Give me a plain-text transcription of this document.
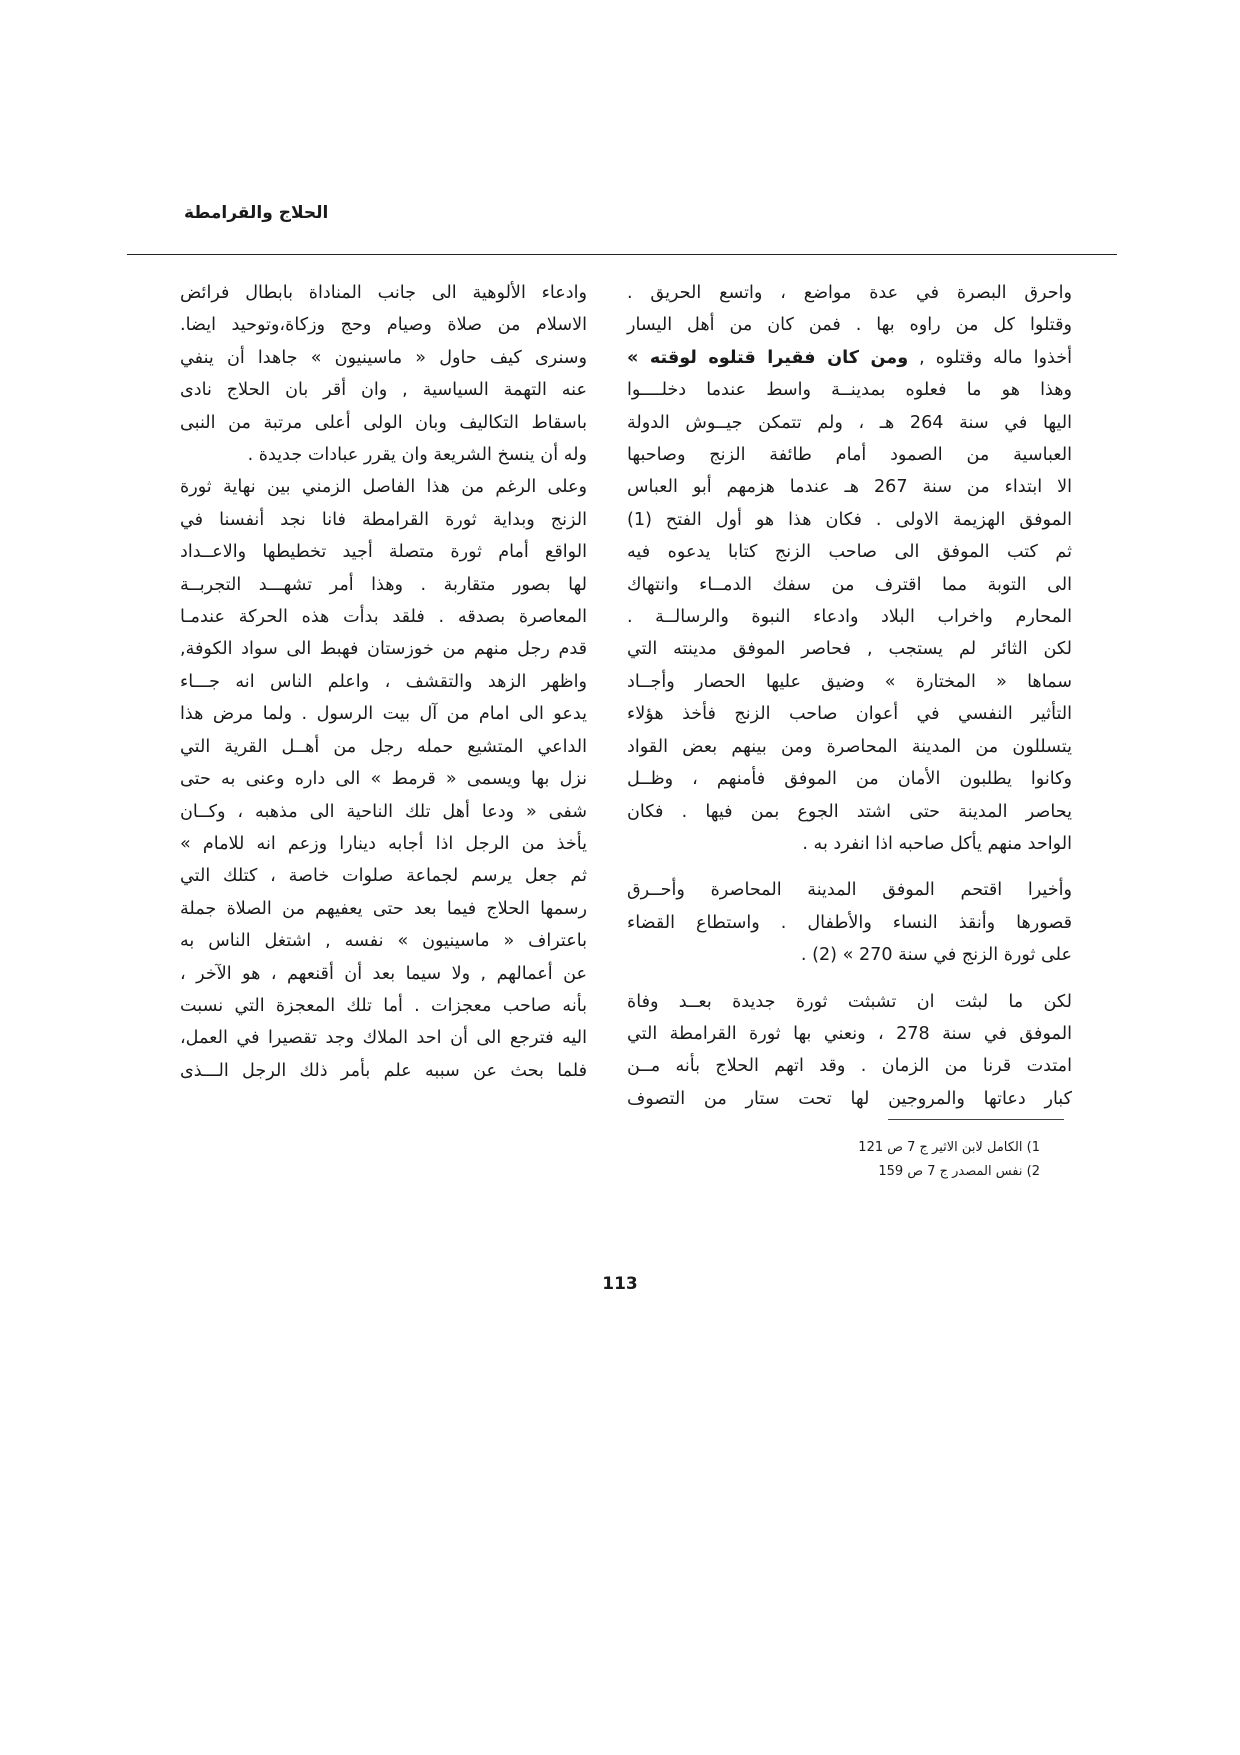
الحلاج والقرامطة
واحرق البصرة في عدة مواضع ، واتسع الحريق .
وقتلوا كل من راوه بها . فمن كان من أهل اليسار
أخذوا ماله وقتلوه , ومن كان فقيرا قتلوه لوقته »
وهذا هو ما فعلوه بمدينــة واسط عندما دخلــــوا
اليها في سنة 264 هـ ، ولم تتمكن جيــوش الدولة
العباسية من الصمود أمام طائفة الزنج وصاحبها
الا ابتداء من سنة 267 هـ عندما هزمهم أبو العباس
الموفق الهزيمة الاولى . فكان هذا هو أول الفتح (1)
ثم كتب الموفق الى صاحب الزنج كتابا يدعوه فيه
الى التوبة مما اقترف من سفك الدمــاء وانتهاك
المحارم واخراب البلاد وادعاء النبوة والرسالــة .
لكن الثائر لم يستجب , فحاصر الموفق مدينته التي
سماها « المختارة » وضيق عليها الحصار وأجــاد
التأثير النفسي في أعوان صاحب الزنج فأخذ هؤلاء
يتسللون من المدينة المحاصرة ومن بينهم بعض القواد
وكانوا يطلبون الأمان من الموفق فأمنهم ، وظــل
يحاصر المدينة حتى اشتد الجوع بمن فيها . فكان
الواحد منهم يأكل صاحبه اذا انفرد به .
وأخيرا اقتحم الموفق المدينة المحاصرة وأحــرق
قصورها وأنقذ النساء والأطفال . واستطاع القضاء
على ثورة الزنج في سنة 270 » (2) .
لكن ما لبثت ان تشبثت ثورة جديدة بعــد وفاة
الموفق في سنة 278 ، ونعني بها ثورة القرامطة التي
امتدت قرنا من الزمان . وقد اتهم الحلاج بأنه مــن
كبار دعاتها والمروجين لها تحت ستار من التصوف
وادعاء الألوهية الى جانب المناداة بابطال فرائض
الاسلام من صلاة وصيام وحج وزكاة،وتوحيد ايضا.
وسنرى كيف حاول « ماسينيون » جاهدا أن ينفي
عنه التهمة السياسية , وان أقر بان الحلاج نادى
باسقاط التكاليف وبان الولى أعلى مرتبة من النبى
وله أن ينسخ الشريعة وان يقرر عبادات جديدة .
وعلى الرغم من هذا الفاصل الزمني بين نهاية ثورة
الزنج وبداية ثورة القرامطة فانا نجد أنفسنا في
الواقع أمام ثورة متصلة أجيد تخطيطها والاعــداد
لها بصور متقاربة . وهذا أمر تشهـــد التجربــة
المعاصرة بصدقه . فلقد بدأت هذه الحركة عندمـا
قدم رجل منهم من خوزستان فهبط الى سواد الكوفة,
واظهر الزهد والتقشف ، واعلم الناس انه جـــاء
يدعو الى امام من آل بيت الرسول . ولما مرض هذا
الداعي المتشيع حمله رجل من أهــل القرية التي
نزل بها ويسمى « قرمط » الى داره وعنى به حتى
شفى « ودعا أهل تلك الناحية الى مذهبه ، وكــان
يأخذ من الرجل اذا أجابه دينارا وزعم انه للامام »
ثم جعل يرسم لجماعة صلوات خاصة ، كتلك التي
رسمها الحلاج فيما بعد حتى يعفيهم من الصلاة جملة
باعتراف « ماسينيون » نفسه , اشتغل الناس به
عن أعمالهم , ولا سيما بعد أن أقنعهم ، هو الآخر ،
بأنه صاحب معجزات . أما تلك المعجزة التي نسبت
اليه فترجع الى أن احد الملاك وجد تقصيرا في العمل،
فلما بحث عن سببه علم بأمر ذلك الرجل الـــذى
1) الكامل لابن الاثير ج 7 ص 121
2) نفس المصدر ج 7 ص 159
113
